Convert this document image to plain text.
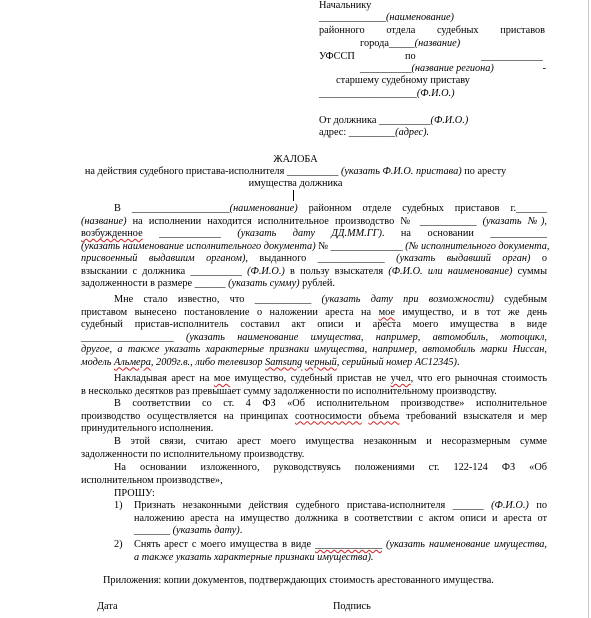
Начальнику
_____________(наименование)
районного отдела судебных приставов
города_____(название)
УФССП	по	____________
__________(название региона)	-
старшему судебному приставу
___________________(Ф.И.О.)
От должника __________(Ф.И.О.)
адрес: _________(адрес).
ЖАЛОБА
на действия судебного пристава-исполнителя __________ (указать Ф.И.О. пристава) по аресту
имущества должника
В ___________________(наименование) районном отделе судебных приставов г.______
(название) на исполнении находится исполнительное производство № ___________ (указать №),
возбужденное ____________ (указать дату ДД.ММ.ГГ). на основании ___________
(указать наименование исполнительного документа) № ______________ (№ исполнительного документа,
присвоенный выдавшим органом), выданного _____________ (указать выдавший орган) о
взыскании с должника __________ (Ф.И.О.) в пользу взыскателя (Ф.И.О. или наименование) суммы
задолженности в размере ______ (указать сумму) рублей.
Мне стало известно, что ___________ (указать дату при возможности) судебным
приставом вынесено постановление о наложении ареста на мое имущество, и в тот же день
судебный пристав-исполнитель составил акт описи и ареста моего имущества в виде
__________________ (указать наименование имущества, например, автомобиль, мотоцикл,
другое, а также указать характерные признаки имущества, например, автомобиль марки Ниссан,
модель Альмера, 2009г.в., либо телевизор Samsung черный, серийный номер АС12345).
Накладывая арест на мое имущество, судебный пристав не учел, что его рыночная стоимость
в несколько десятков раз превышает сумму задолженности по исполнительному производству.
В соответствии со ст. 4 ФЗ «Об исполнительном производстве» исполнительное
производство осуществляется на принципах соотносимости объема требований взыскателя и мер
принудительного исполнения.
В этой связи, считаю арест моего имущества незаконным и несоразмерным сумме
задолженности по исполнительному производству.
На основании изложенного, руководствуясь положениями ст. 122-124 ФЗ «Об
исполнительном производстве»,
ПРОШУ:
1) Признать незаконными действия судебного пристава-исполнителя ______ (Ф.И.О.) по
наложению ареста на имущество должника в соответствии с актом описи и ареста от
_______ (указать дату).
2) Снять арест с моего имущества в виде _____________ (указать наименование имущества,
а также указать характерные признаки имущества).
Приложения: копии документов, подтверждающих стоимость арестованного имущества.
Дата	Подпись
